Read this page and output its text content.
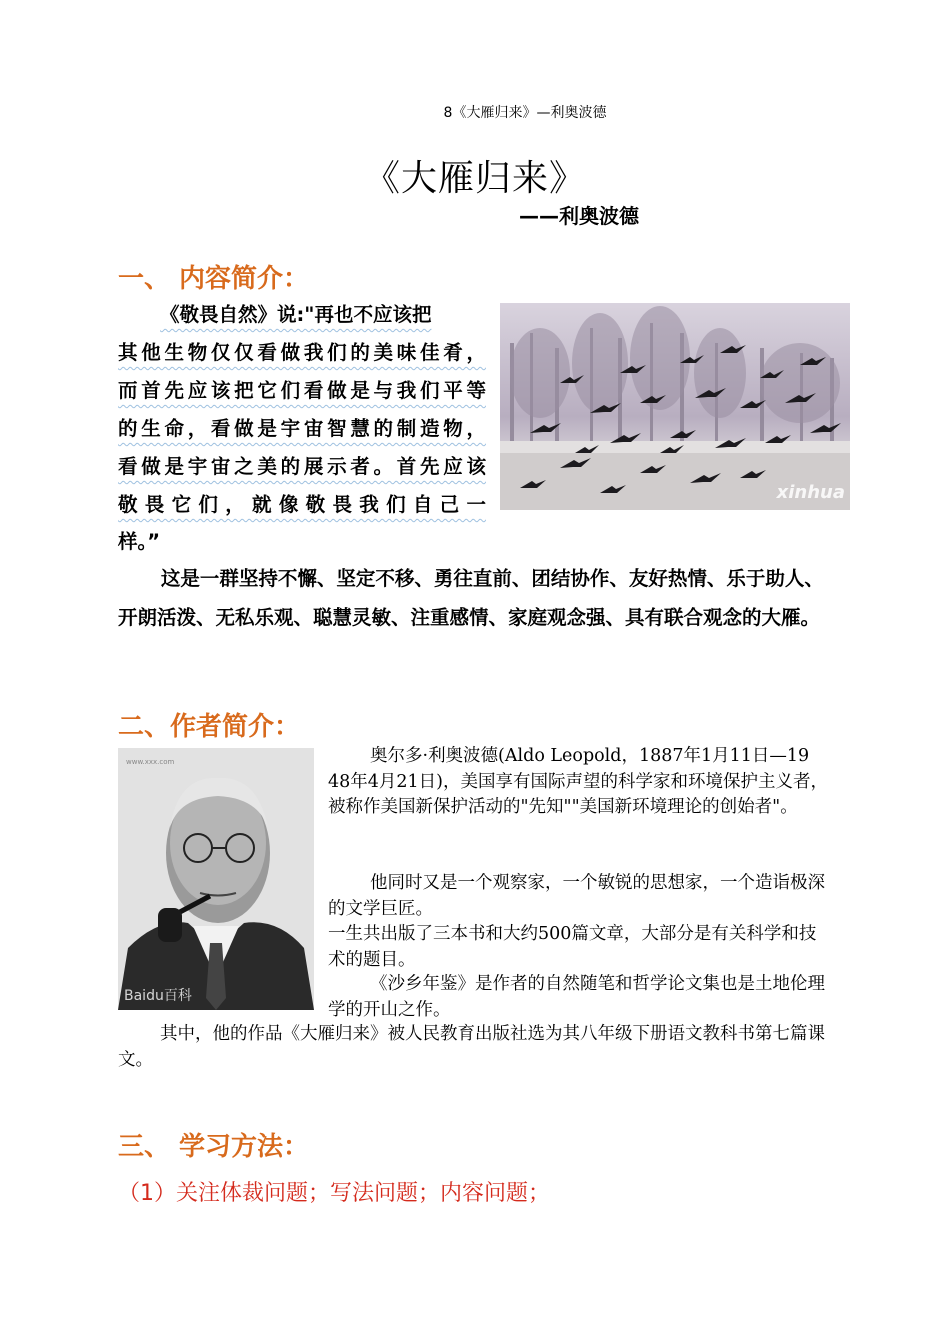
8《大雁归来》—利奥波德
《大雁归来》
——利奥波德
一、 内容简介：
《敬畏自然》说:"再也不应该把
其他生物仅仅看做我们的美味佳肴，
而首先应该把它们看做是与我们平等
的生命，看做是宇宙智慧的制造物，
看做是宇宙之美的展示者。首先应该
敬畏它们，就像敬畏我们自己一
样。”
这是一群坚持不懈、坚定不移、勇往直前、团结协作、友好热情、乐于助人、开朗活泼、无私乐观、聪慧灵敏、注重感情、家庭观念强、具有联合观念的大雁。
xinhua
二、作者简介：
www.xxx.com
Baidu百科
奥尔多·利奥波德(Aldo Leopold，1887年1月11日—19 48年4月21日)，美国享有国际声望的科学家和环境保护主义者，被称作美国新保护活动的"先知""美国新环境理论的创始者"。
他同时又是一个观察家，一个敏锐的思想家，一个造诣极深的文学巨匠。
一生共出版了三本书和大约500篇文章，大部分是有关科学和技术的题目。
《沙乡年鉴》是作者的自然随笔和哲学论文集也是土地伦理学的开山之作。
其中，他的作品《大雁归来》被人民教育出版社选为其八年级下册语文教科书第七篇课文。
三、 学习方法：
（1）关注体裁问题；写法问题；内容问题；
